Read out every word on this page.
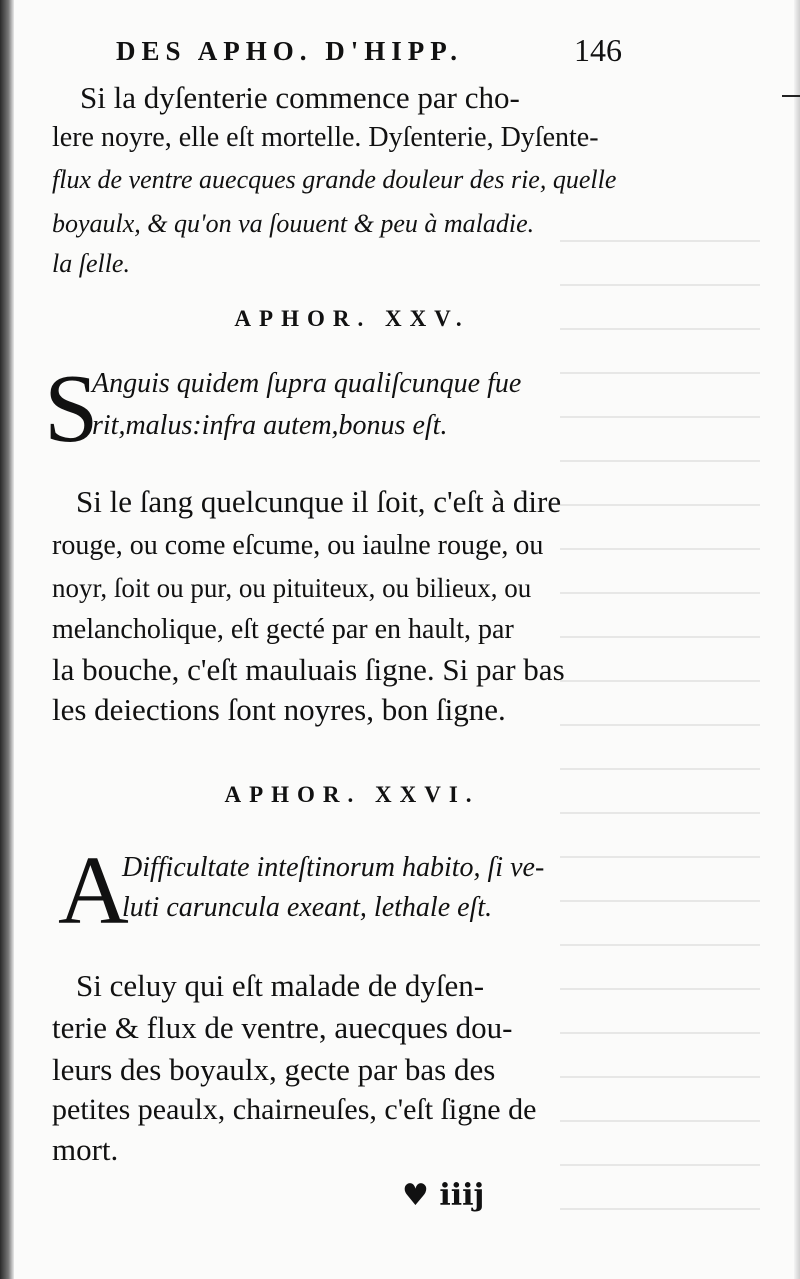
DES APHO. D'HIPP.	146
Si la dyſenterie commence par cho-
lere noyre, elle eſt mortelle. Dyſenterie, Dyſente-
flux de ventre auecques grande douleur des rie, quelle
boyaulx, & qu'on va ſouuent & peu à maladie.
la ſelle.
APHOR. XXV.
S
Anguis quidem ſupra qualiſcunque fue
rit,malus:infra autem,bonus eſt.
Si le ſang quelcunque il ſoit, c'eſt à dire
rouge, ou come eſcume, ou iaulne rouge, ou
noyr, ſoit ou pur, ou pituiteux, ou bilieux, ou
melancholique, eſt gecté par en hault, par
la bouche, c'eſt mauluais ſigne. Si par bas
les deiections ſont noyres, bon ſigne.
APHOR. XXVI.
A
Difficultate inteſtinorum habito, ſi ve-
luti caruncula exeant, lethale eſt.
Si celuy qui eſt malade de dyſen-
terie & flux de ventre, auecques dou-
leurs des boyaulx, gecte par bas des
petites peaulx, chairneuſes, c'eſt ſigne de
mort.
♥ iiij
